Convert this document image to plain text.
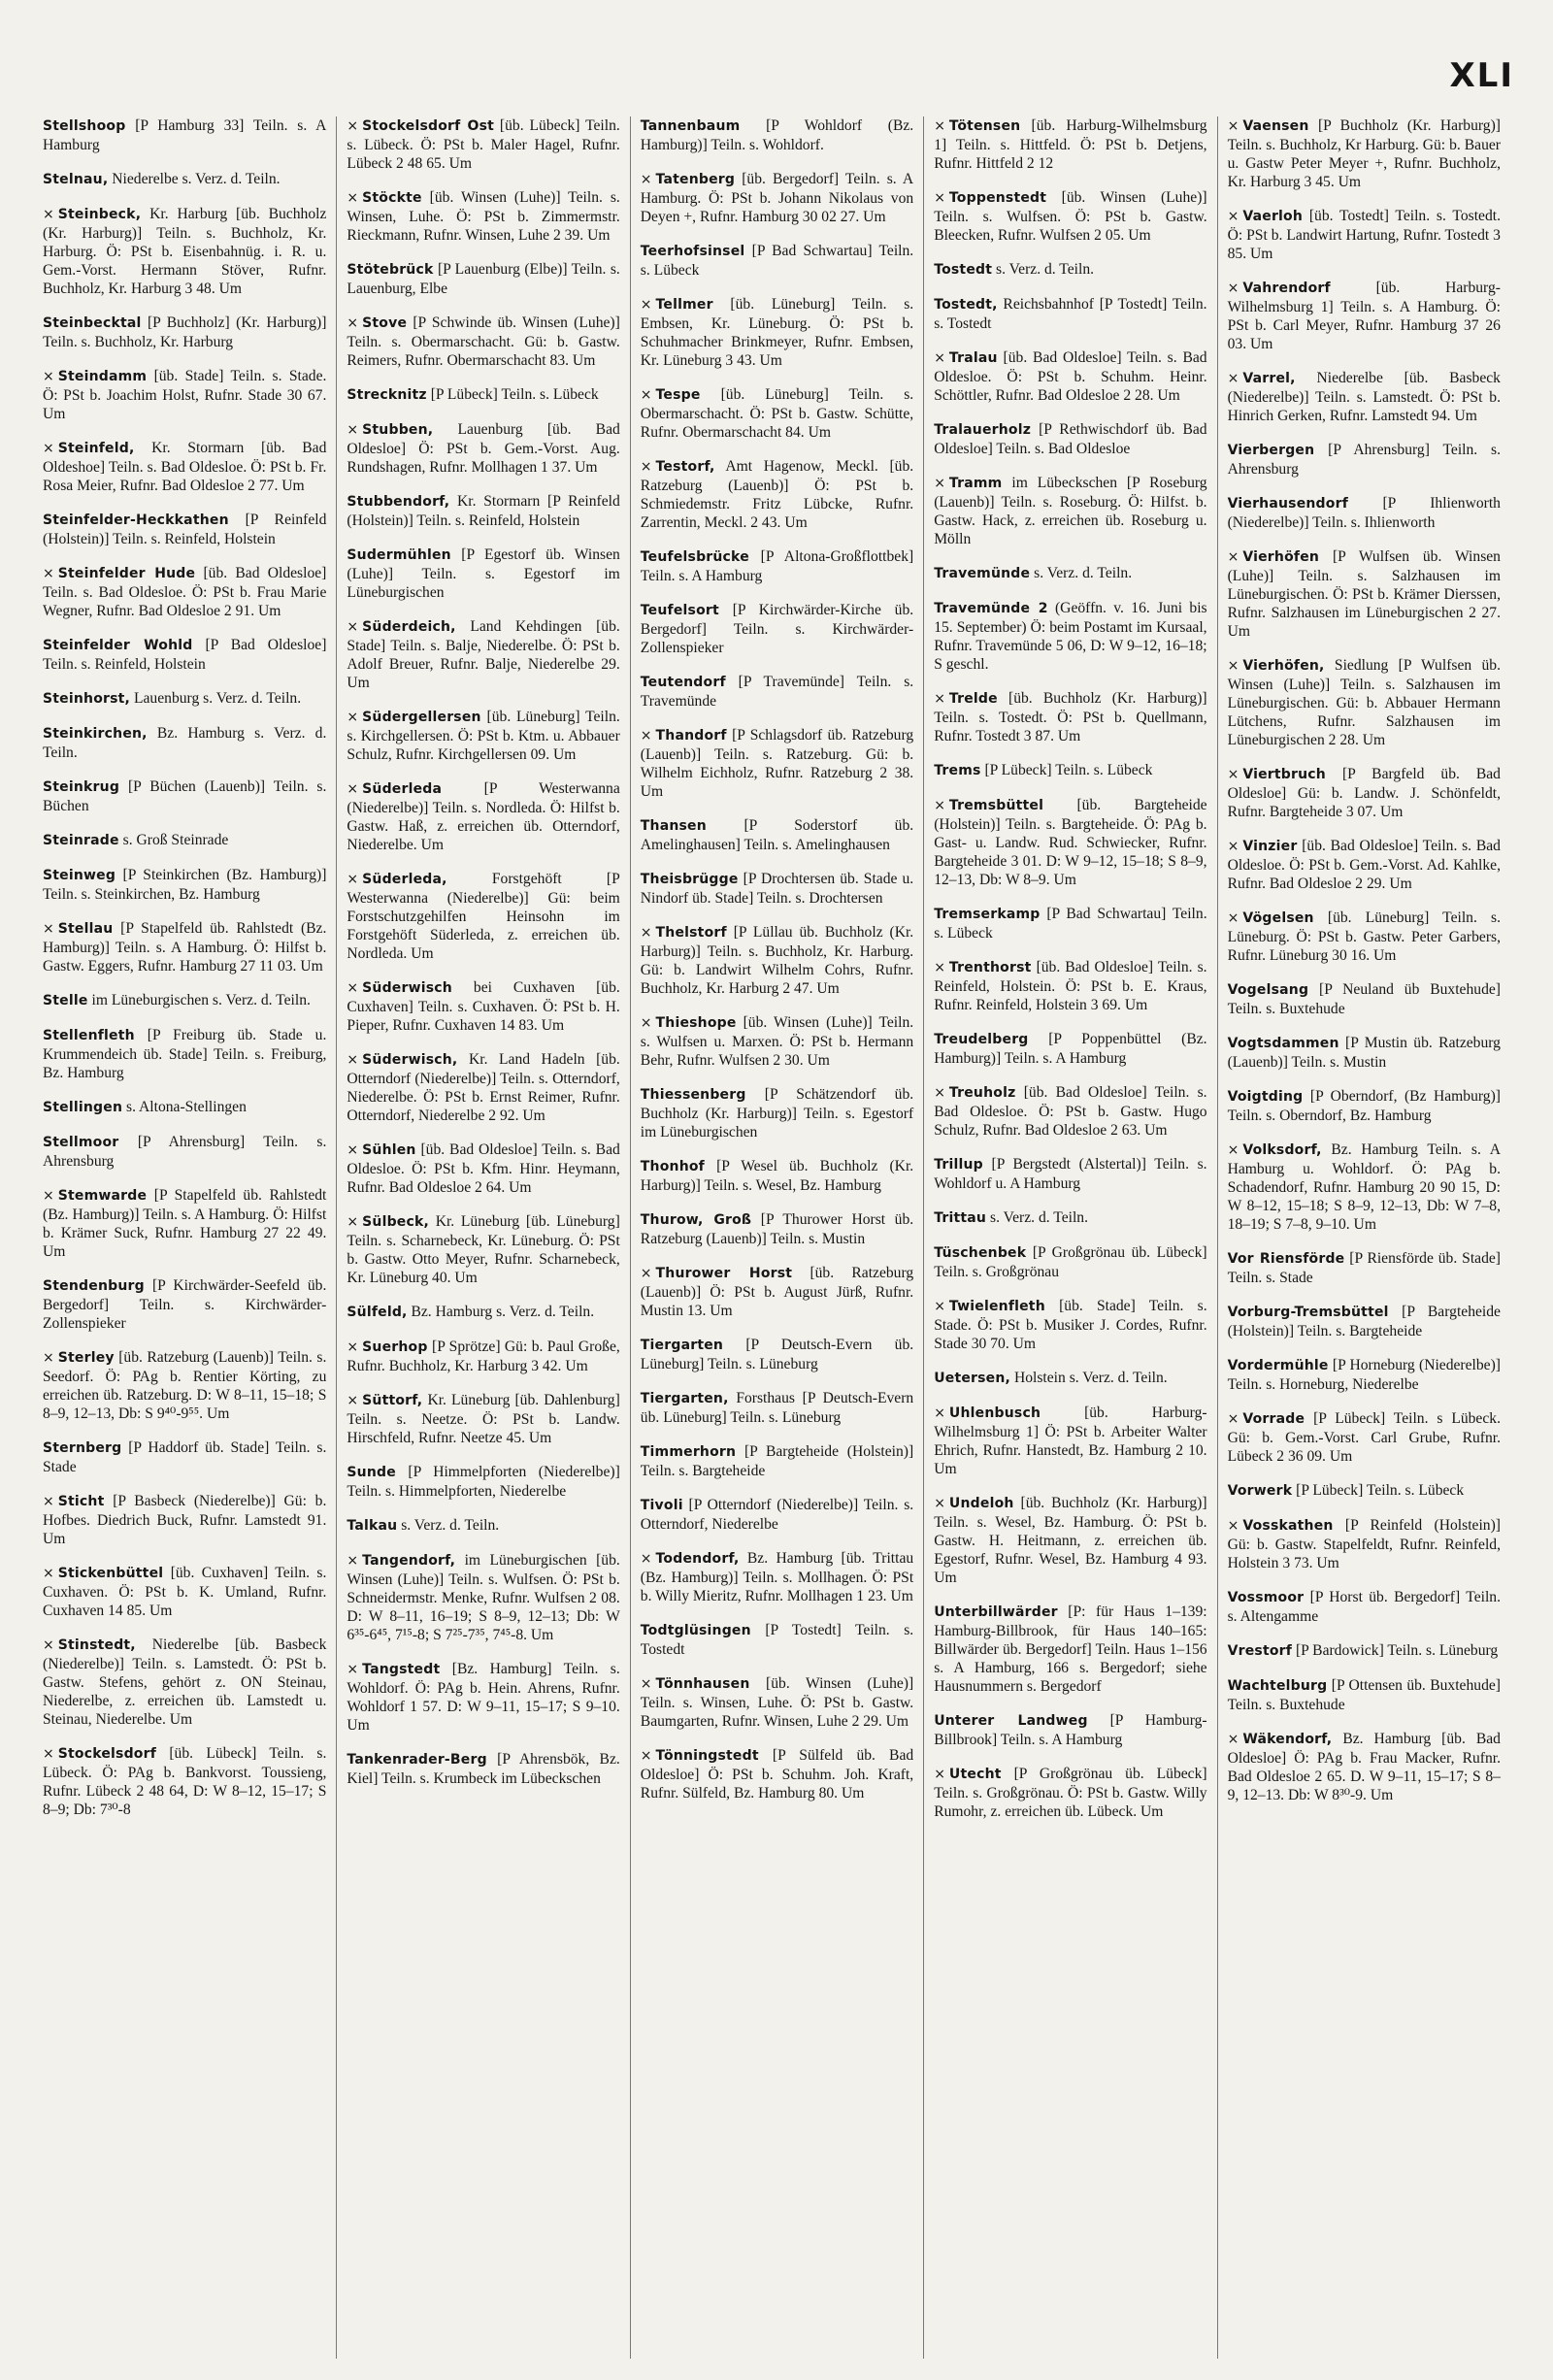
XLI

Stellshoop [P Hamburg 33] Teiln. s. A Hamburg

Stelnau, Niederelbe s. Verz. d. Teiln.

× Steinbeck, Kr. Harburg [üb. Buchholz (Kr. Harburg)] Teiln. s. Buchholz, Kr. Harburg. Ö: PSt b. Eisenbahnüg. i. R. u. Gem.-Vorst. Hermann Stöver, Rufnr. Buchholz, Kr. Harburg 3 48. Um

Steinbecktal [P Buchholz] (Kr. Harburg)] Teiln. s. Buchholz, Kr. Harburg

× Steindamm [üb. Stade] Teiln. s. Stade. Ö: PSt b. Joachim Holst, Rufnr. Stade 30 67. Um

× Steinfeld, Kr. Stormarn [üb. Bad Oldeshoe] Teiln. s. Bad Oldesloe. Ö: PSt b. Fr. Rosa Meier, Rufnr. Bad Oldesloe 2 77. Um

Steinfelder-Heckkathen [P Reinfeld (Holstein)] Teiln. s. Reinfeld, Holstein

× Steinfelder Hude [üb. Bad Oldesloe] Teiln. s. Bad Oldesloe. Ö: PSt b. Frau Marie Wegner, Rufnr. Bad Oldesloe 2 91. Um

Steinfelder Wohld [P Bad Oldesloe] Teiln. s. Reinfeld, Holstein

Steinhorst, Lauenburg s. Verz. d. Teiln.

Steinkirchen, Bz. Hamburg s. Verz. d. Teiln.

Steinkrug [P Büchen (Lauenb)] Teiln. s. Büchen

Steinrade s. Groß Steinrade

Steinweg [P Steinkirchen (Bz. Hamburg)] Teiln. s. Steinkirchen, Bz. Hamburg

× Stellau [P Stapelfeld üb. Rahlstedt (Bz. Hamburg)] Teiln. s. A Hamburg. Ö: Hilfst b. Gastw. Eggers, Rufnr. Hamburg 27 11 03. Um

Stelle im Lüneburgischen s. Verz. d. Teiln.

Stellenfleth [P Freiburg üb. Stade u. Krummendeich üb. Stade] Teiln. s. Freiburg, Bz. Hamburg

Stellingen s. Altona-Stellingen

Stellmoor [P Ahrensburg] Teiln. s. Ahrensburg

× Stemwarde [P Stapelfeld üb. Rahlstedt (Bz. Hamburg)] Teiln. s. A Hamburg. Ö: Hilfst b. Krämer Suck, Rufnr. Hamburg 27 22 49. Um

Stendenburg [P Kirchwärder-Seefeld üb. Bergedorf] Teiln. s. Kirchwärder-Zollenspieker

× Sterley [üb. Ratzeburg (Lauenb)] Teiln. s. Seedorf. Ö: PAg b. Rentier Körting, zu erreichen üb. Ratzeburg. D: W 8–11, 15–18; S 8–9, 12–13, Db: S 9⁴⁰-9⁵⁵. Um

Sternberg [P Haddorf üb. Stade] Teiln. s. Stade

× Sticht [P Basbeck (Niederelbe)] Gü: b. Hofbes. Diedrich Buck, Rufnr. Lamstedt 91. Um

× Stickenbüttel [üb. Cuxhaven] Teiln. s. Cuxhaven. Ö: PSt b. K. Umland, Rufnr. Cuxhaven 14 85. Um

× Stinstedt, Niederelbe [üb. Basbeck (Niederelbe)] Teiln. s. Lamstedt. Ö: PSt b. Gastw. Stefens, gehört z. ON Steinau, Niederelbe, z. erreichen üb. Lamstedt u. Steinau, Niederelbe. Um

× Stockelsdorf [üb. Lübeck] Teiln. s. Lübeck. Ö: PAg b. Bankvorst. Toussieng, Rufnr. Lübeck 2 48 64, D: W 8–12, 15–17; S 8–9; Db: 7³⁰-8

× Stockelsdorf Ost [üb. Lübeck] Teiln. s. Lübeck. Ö: PSt b. Maler Hagel, Rufnr. Lübeck 2 48 65. Um

× Stöckte [üb. Winsen (Luhe)] Teiln. s. Winsen, Luhe. Ö: PSt b. Zimmermstr. Rieckmann, Rufnr. Winsen, Luhe 2 39. Um

Stötebrück [P Lauenburg (Elbe)] Teiln. s. Lauenburg, Elbe

× Stove [P Schwinde üb. Winsen (Luhe)] Teiln. s. Obermarschacht. Gü: b. Gastw. Reimers, Rufnr. Obermarschacht 83. Um

Strecknitz [P Lübeck] Teiln. s. Lübeck

× Stubben, Lauenburg [üb. Bad Oldesloe] Ö: PSt b. Gem.-Vorst. Aug. Rundshagen, Rufnr. Mollhagen 1 37. Um

Stubbendorf, Kr. Stormarn [P Reinfeld (Holstein)] Teiln. s. Reinfeld, Holstein

Sudermühlen [P Egestorf üb. Winsen (Luhe)] Teiln. s. Egestorf im Lüneburgischen

× Süderdeich, Land Kehdingen [üb. Stade] Teiln. s. Balje, Niederelbe. Ö: PSt b. Adolf Breuer, Rufnr. Balje, Niederelbe 29. Um

× Südergellersen [üb. Lüneburg] Teiln. s. Kirchgellersen. Ö: PSt b. Ktm. u. Abbauer Schulz, Rufnr. Kirchgellersen 09. Um

× Süderleda	[P Westerwanna (Niederelbe)] Teiln. s. Nordleda. Ö: Hilfst b. Gastw. Haß, z. erreichen üb. Otterndorf, Niederelbe. Um

× Süderleda,	Forstgehöft [P Westerwanna (Niederelbe)] Gü: beim Forstschutzgehilfen Heinsohn im Forstgehöft Süderleda, z. erreichen üb. Nordleda. Um

× Süderwisch bei Cuxhaven [üb. Cuxhaven] Teiln. s. Cuxhaven. Ö: PSt b. H. Pieper, Rufnr. Cuxhaven 14 83. Um

× Süderwisch, Kr. Land Hadeln [üb. Otterndorf (Niederelbe)] Teiln. s. Otterndorf, Niederelbe. Ö: PSt b. Ernst Reimer, Rufnr. Otterndorf, Niederelbe 2 92. Um

× Sühlen [üb. Bad Oldesloe] Teiln. s. Bad Oldesloe. Ö: PSt b. Kfm. Hinr. Heymann, Rufnr. Bad Oldesloe 2 64. Um

× Sülbeck, Kr. Lüneburg [üb. Lüneburg] Teiln. s. Scharnebeck, Kr. Lüneburg. Ö: PSt b. Gastw. Otto Meyer, Rufnr. Scharnebeck, Kr. Lüneburg 40. Um

Sülfeld, Bz. Hamburg s. Verz. d. Teiln.

× Suerhop [P Sprötze] Gü: b. Paul Große, Rufnr. Buchholz, Kr. Harburg 3 42. Um

× Süttorf, Kr. Lüneburg [üb. Dahlenburg] Teiln. s. Neetze. Ö: PSt b. Landw. Hirschfeld, Rufnr. Neetze 45. Um

Sunde [P Himmelpforten (Niederelbe)] Teiln. s. Himmelpforten, Niederelbe

Talkau s. Verz. d. Teiln.

× Tangendorf, im Lüneburgischen [üb. Winsen (Luhe)] Teiln. s. Wulfsen. Ö: PSt b. Schneidermstr. Menke, Rufnr. Wulfsen 2 08. D: W 8–11, 16–19; S 8–9, 12–13; Db: W 6³⁵-6⁴⁵, 7¹⁵-8; S 7²⁵-7³⁵, 7⁴⁵-8. Um

× Tangstedt [Bz. Hamburg] Teiln. s. Wohldorf. Ö: PAg b. Hein. Ahrens, Rufnr. Wohldorf 1 57. D: W 9–11, 15–17; S 9–10. Um

Tankenrader-Berg [P Ahrensbök, Bz. Kiel] Teiln. s. Krumbeck im Lübeckschen

Tannenbaum [P Wohldorf (Bz. Hamburg)] Teiln. s. Wohldorf.

× Tatenberg [üb. Bergedorf] Teiln. s. A Hamburg. Ö: PSt b. Johann Nikolaus von Deyen +, Rufnr. Hamburg 30 02 27. Um

Teerhofsinsel [P Bad Schwartau] Teiln. s. Lübeck

× Tellmer [üb. Lüneburg] Teiln. s. Embsen, Kr. Lüneburg. Ö: PSt b. Schuhmacher Brinkmeyer, Rufnr. Embsen, Kr. Lüneburg 3 43. Um

× Tespe [üb. Lüneburg] Teiln. s. Obermarschacht. Ö: PSt b. Gastw. Schütte, Rufnr. Obermarschacht 84. Um

× Testorf, Amt Hagenow, Meckl. [üb. Ratzeburg (Lauenb)] Ö: PSt b. Schmiedemstr. Fritz Lübcke, Rufnr. Zarrentin, Meckl. 2 43. Um

Teufelsbrücke [P Altona-Großflottbek] Teiln. s. A Hamburg

Teufelsort [P Kirchwärder-Kirche üb. Bergedorf] Teiln. s. Kirchwärder-Zollenspieker

Teutendorf [P Travemünde] Teiln. s. Travemünde

× Thandorf [P Schlagsdorf üb. Ratzeburg (Lauenb)] Teiln. s. Ratzeburg. Gü: b. Wilhelm Eichholz, Rufnr. Ratzeburg 2 38. Um

Thansen [P Soderstorf üb. Amelinghausen] Teiln. s. Amelinghausen

Theisbrügge [P Drochtersen üb. Stade u. Nindorf üb. Stade] Teiln. s. Drochtersen

× Thelstorf [P Lüllau üb. Buchholz (Kr. Harburg)] Teiln. s. Buchholz, Kr. Harburg. Gü: b. Landwirt Wilhelm Cohrs, Rufnr. Buchholz, Kr. Harburg 2 47. Um

× Thieshope [üb. Winsen (Luhe)] Teiln. s. Wulfsen u. Marxen. Ö: PSt b. Hermann Behr, Rufnr. Wulfsen 2 30. Um

Thiessenberg [P Schätzendorf üb. Buchholz (Kr. Harburg)] Teiln. s. Egestorf im Lüneburgischen

Thonhof [P Wesel üb. Buchholz (Kr. Harburg)] Teiln. s. Wesel, Bz. Hamburg

Thurow, Groß [P Thurower Horst üb. Ratzeburg (Lauenb)] Teiln. s. Mustin

× Thurower Horst [üb. Ratzeburg (Lauenb)] Ö: PSt b. August Jürß, Rufnr. Mustin 13. Um

Tiergarten [P Deutsch-Evern üb. Lüneburg] Teiln. s. Lüneburg

Tiergarten, Forsthaus [P Deutsch-Evern üb. Lüneburg] Teiln. s. Lüneburg

Timmerhorn [P Bargteheide (Holstein)] Teiln. s. Bargteheide

Tivoli [P Otterndorf (Niederelbe)] Teiln. s. Otterndorf, Niederelbe

× Todendorf, Bz. Hamburg [üb. Trittau (Bz. Hamburg)] Teiln. s. Mollhagen. Ö: PSt b. Willy Mieritz, Rufnr. Mollhagen 1 23. Um

Todtglüsingen [P Tostedt] Teiln. s. Tostedt

× Tönnhausen [üb. Winsen (Luhe)] Teiln. s. Winsen, Luhe. Ö: PSt b. Gastw. Baumgarten, Rufnr. Winsen, Luhe 2 29. Um

× Tönningstedt [P Sülfeld üb. Bad Oldesloe] Ö: PSt b. Schuhm. Joh. Kraft, Rufnr. Sülfeld, Bz. Hamburg 80. Um

× Tötensen [üb. Harburg-Wilhelmsburg 1] Teiln. s. Hittfeld. Ö: PSt b. Detjens, Rufnr. Hittfeld 2 12

× Toppenstedt [üb. Winsen (Luhe)] Teiln. s. Wulfsen. Ö: PSt b. Gastw. Bleecken, Rufnr. Wulfsen 2 05. Um

Tostedt s. Verz. d. Teiln.

Tostedt, Reichsbahnhof [P Tostedt] Teiln. s. Tostedt

× Tralau [üb. Bad Oldesloe] Teiln. s. Bad Oldesloe. Ö: PSt b. Schuhm. Heinr. Schöttler, Rufnr. Bad Oldesloe 2 28. Um

Tralauerholz [P Rethwischdorf üb. Bad Oldesloe] Teiln. s. Bad Oldesloe

× Tramm im Lübeckschen [P Roseburg (Lauenb)] Teiln. s. Roseburg. Ö: Hilfst. b. Gastw. Hack, z. erreichen üb. Roseburg u. Mölln

Travemünde s. Verz. d. Teiln.

Travemünde 2 (Geöffn. v. 16. Juni bis 15. September) Ö: beim Postamt im Kursaal, Rufnr. Travemünde 5 06, D: W 9–12, 16–18; S geschl.

× Trelde [üb. Buchholz (Kr. Harburg)] Teiln. s. Tostedt. Ö: PSt b. Quellmann, Rufnr. Tostedt 3 87. Um

Trems [P Lübeck] Teiln. s. Lübeck

× Tremsbüttel [üb. Bargteheide (Holstein)] Teiln. s. Bargteheide. Ö: PAg b. Gast- u. Landw. Rud. Schwiecker, Rufnr. Bargteheide 3 01. D: W 9–12, 15–18; S 8–9, 12–13, Db: W 8–9. Um

Tremserkamp [P Bad Schwartau] Teiln. s. Lübeck

× Trenthorst [üb. Bad Oldesloe] Teiln. s. Reinfeld, Holstein. Ö: PSt b. E. Kraus, Rufnr. Reinfeld, Holstein 3 69. Um

Treudelberg [P Poppenbüttel (Bz. Hamburg)] Teiln. s. A Hamburg

× Treuholz [üb. Bad Oldesloe] Teiln. s. Bad Oldesloe. Ö: PSt b. Gastw. Hugo Schulz, Rufnr. Bad Oldesloe 2 63. Um

Trillup [P Bergstedt (Alstertal)] Teiln. s. Wohldorf u. A Hamburg

Trittau s. Verz. d. Teiln.

Tüschenbek [P Großgrönau üb. Lübeck] Teiln. s. Großgrönau

× Twielenfleth [üb. Stade] Teiln. s. Stade. Ö: PSt b. Musiker J. Cordes, Rufnr. Stade 30 70. Um

Uetersen, Holstein s. Verz. d. Teiln.

× Uhlenbusch	[üb. Harburg-Wilhelmsburg 1] Ö: PSt b. Arbeiter Walter Ehrich, Rufnr. Hanstedt, Bz. Hamburg 2 10. Um

× Undeloh [üb. Buchholz (Kr. Harburg)] Teiln. s. Wesel, Bz. Hamburg. Ö: PSt b. Gastw. H. Heitmann, z. erreichen üb. Egestorf, Rufnr. Wesel, Bz. Hamburg 4 93. Um

Unterbillwärder [P: für Haus 1–139: Hamburg-Billbrook, für Haus 140–165: Billwärder üb. Bergedorf] Teiln. Haus 1–156 s. A Hamburg, 166 s. Bergedorf; siehe Hausnummern s. Bergedorf

Unterer Landweg [P Hamburg-Billbrook] Teiln. s. A Hamburg

× Utecht [P Großgrönau üb. Lübeck] Teiln. s. Großgrönau. Ö: PSt b. Gastw. Willy Rumohr, z. erreichen üb. Lübeck. Um

× Vaensen [P Buchholz (Kr. Harburg)] Teiln. s. Buchholz, Kr Harburg. Gü: b. Bauer u. Gastw Peter Meyer +, Rufnr. Buchholz, Kr. Harburg 3 45. Um

× Vaerloh [üb. Tostedt] Teiln. s. Tostedt. Ö: PSt b. Landwirt Hartung, Rufnr. Tostedt 3 85. Um

× Vahrendorf	[üb. Harburg-Wilhelmsburg 1] Teiln. s. A Hamburg. Ö: PSt b. Carl Meyer, Rufnr. Hamburg 37 26 03. Um

× Varrel, Niederelbe [üb. Basbeck (Niederelbe)] Teiln. s. Lamstedt. Ö: PSt b. Hinrich Gerken, Rufnr. Lamstedt 94. Um

Vierbergen [P Ahrensburg] Teiln. s. Ahrensburg

Vierhausendorf [P Ihlienworth (Niederelbe)] Teiln. s. Ihlienworth

× Vierhöfen [P Wulfsen üb. Winsen (Luhe)] Teiln. s. Salzhausen im Lüneburgischen. Ö: PSt b. Krämer Dierssen, Rufnr. Salzhausen im Lüneburgischen 2 27. Um

× Vierhöfen, Siedlung [P Wulfsen üb. Winsen (Luhe)] Teiln. s. Salzhausen im Lüneburgischen. Gü: b. Abbauer Hermann Lütchens, Rufnr. Salzhausen im Lüneburgischen 2 28. Um

× Viertbruch [P Bargfeld üb. Bad Oldesloe] Gü: b. Landw. J. Schönfeldt, Rufnr. Bargteheide 3 07. Um

× Vinzier [üb. Bad Oldesloe] Teiln. s. Bad Oldesloe. Ö: PSt b. Gem.-Vorst. Ad. Kahlke, Rufnr. Bad Oldesloe 2 29. Um

× Vögelsen [üb. Lüneburg] Teiln. s. Lüneburg. Ö: PSt b. Gastw. Peter Garbers, Rufnr. Lüneburg 30 16. Um

Vogelsang [P Neuland üb Buxtehude] Teiln. s. Buxtehude

Vogtsdammen [P Mustin üb. Ratzeburg (Lauenb)] Teiln. s. Mustin

Voigtding [P Oberndorf, (Bz Hamburg)] Teiln. s. Oberndorf, Bz. Hamburg

× Volksdorf, Bz. Hamburg Teiln. s. A Hamburg u. Wohldorf. Ö: PAg b. Schadendorf, Rufnr. Hamburg 20 90 15, D: W 8–12, 15–18; S 8–9, 12–13, Db: W 7–8, 18–19; S 7–8, 9–10. Um

Vor Riensförde [P Riensförde üb. Stade] Teiln. s. Stade

Vorburg-Tremsbüttel [P Bargteheide (Holstein)] Teiln. s. Bargteheide

Vordermühle [P Horneburg (Niederelbe)] Teiln. s. Horneburg, Niederelbe

× Vorrade [P Lübeck] Teiln. s Lübeck. Gü: b. Gem.-Vorst. Carl Grube, Rufnr. Lübeck 2 36 09. Um

Vorwerk [P Lübeck] Teiln. s. Lübeck

× Vosskathen [P Reinfeld (Holstein)] Gü: b. Gastw. Stapelfeldt, Rufnr. Reinfeld, Holstein 3 73. Um

Vossmoor [P Horst üb. Bergedorf] Teiln. s. Altengamme

Vrestorf [P Bardowick] Teiln. s. Lüneburg

Wachtelburg [P Ottensen üb. Buxtehude] Teiln. s. Buxtehude

× Wäkendorf, Bz. Hamburg [üb. Bad Oldesloe] Ö: PAg b. Frau Macker, Rufnr. Bad Oldesloe 2 65. D. W 9–11, 15–17; S 8–9, 12–13. Db: W 8³⁰-9. Um
